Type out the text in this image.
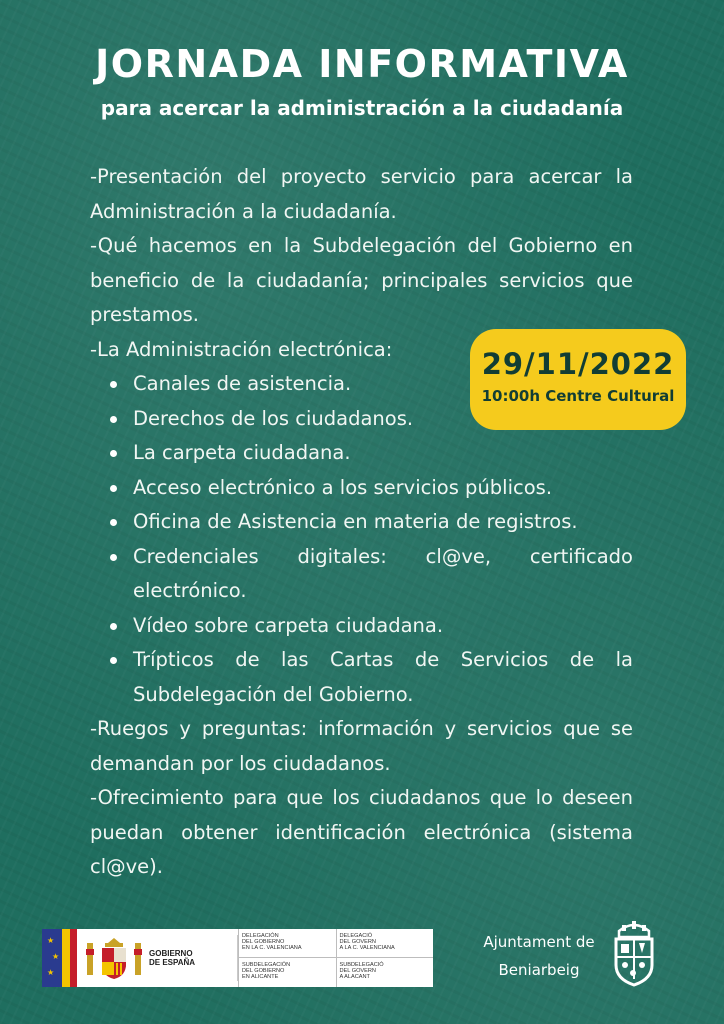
JORNADA INFORMATIVA

para acercar la administración a la ciudadanía

-Presentación del proyecto servicio para acercar la Administración a la ciudadanía.

-Qué hacemos en la Subdelegación del Gobierno en beneficio de la ciudadanía; principales servicios que prestamos.

-La Administración electrónica:

Canales de asistencia.
Derechos de los ciudadanos.
La carpeta ciudadana.
Acceso electrónico a los servicios públicos.
Oficina de Asistencia en materia de registros.
Credenciales digitales: cl@ve, certificado electrónico.
Vídeo sobre carpeta ciudadana.
Trípticos de las Cartas de Servicios de la Subdelegación del Gobierno.

-Ruegos y preguntas: información y servicios que se demandan por los ciudadanos.

-Ofrecimiento para que los ciudadanos que lo deseen puedan obtener identificación electrónica (sistema cl@ve).

29/11/2022

10:00h Centre Cultural

★
★
★
GOBIERNO
DE ESPAÑA
DELEGACIÓN
DEL GOBIERNO
EN LA C. VALENCIANA
DELEGACIÓ
DEL GOVERN
A LA C. VALENCIANA
SUBDELEGACIÓN
DEL GOBIERNO
EN ALICANTE
SUBDELEGACIÓ
DEL GOVERN
A ALACANT
Ajuntament de
Beniarbeig
